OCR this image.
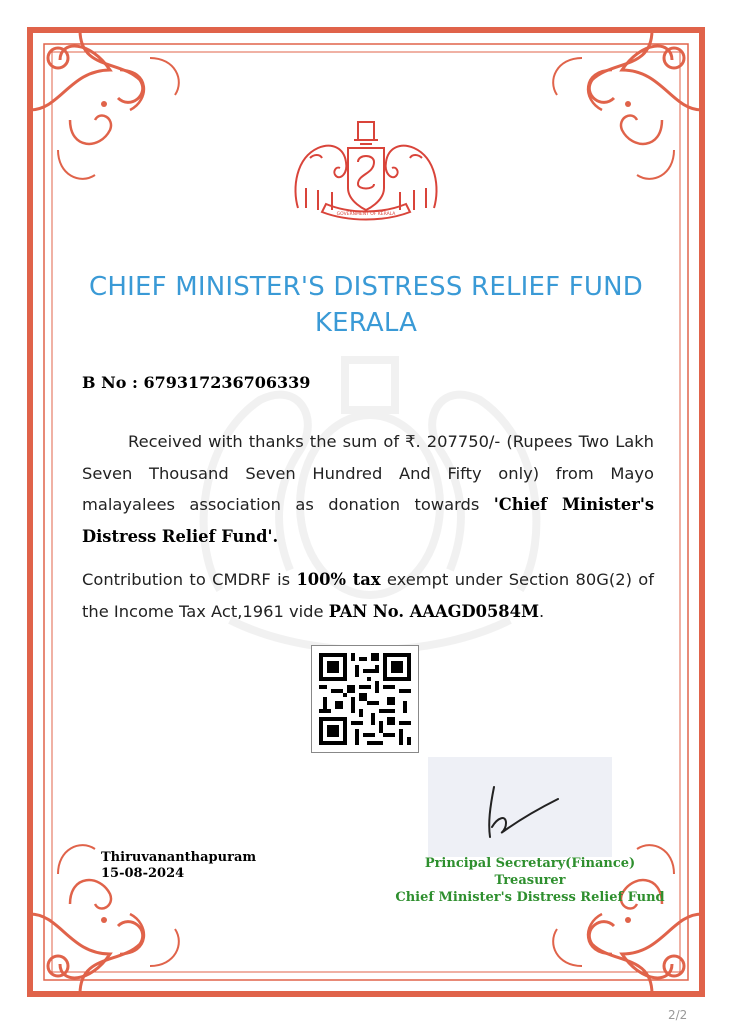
GOVERNMENT OF KERALA
CHIEF MINISTER'S DISTRESS RELIEF FUND
KERALA
B No : 679317236706339
Received with thanks the sum of ₹. 207750/- (Rupees Two Lakh Seven Thousand Seven Hundred And Fifty only) from Mayo malayalees association as donation towards 'Chief Minister's Distress Relief Fund'.
Contribution to CMDRF is 100% tax exempt under Section 80G(2) of the Income Tax Act,1961 vide PAN No. AAAGD0584M.
Thiruvananthapuram
15-08-2024
Principal Secretary(Finance)
Treasurer
Chief Minister's Distress Relief Fund
2/2
